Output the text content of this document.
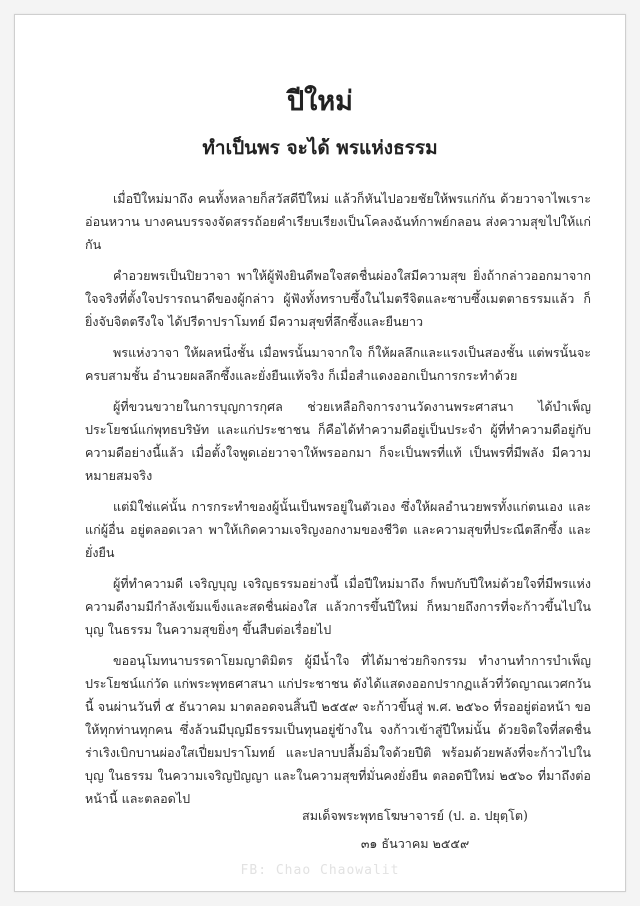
ปีใหม่
ทำเป็นพร จะได้ พรแห่งธรรม

เมื่อปีใหม่มาถึง คนทั้งหลายก็สวัสดีปีใหม่ แล้วก็หันไปอวยชัยให้พรแก่กัน ด้วยวาจาไพเราะอ่อนหวาน บางคนบรรจงจัดสรรถ้อยคำเรียบเรียงเป็นโคลงฉันท์กาพย์กลอน ส่งความสุขไปให้แก่กัน

คำอวยพรเป็นปิยวาจา พาให้ผู้ฟังยินดีพอใจสดชื่นผ่องใสมีความสุข ยิ่งถ้ากล่าวออกมาจากใจจริงที่ตั้งใจปรารถนาดีของผู้กล่าว ผู้ฟังทั้งทราบซึ้งในไมตรีจิตและซาบซึ้งเมตตาธรรมแล้ว ก็ยิ่งจับจิตตรึงใจ ได้ปรีดาปราโมทย์ มีความสุขที่ลึกซึ้งและยืนยาว

พรแห่งวาจา ให้ผลหนึ่งชั้น เมื่อพรนั้นมาจากใจ ก็ให้ผลลึกและแรงเป็นสองชั้น แต่พรนั้นจะครบสามชั้น อำนวยผลลึกซึ้งและยั่งยืนแท้จริง ก็เมื่อสำแดงออกเป็นการกระทำด้วย

ผู้ที่ขวนขวายในการบุญการกุศล ช่วยเหลือกิจการงานวัดงานพระศาสนา ได้บำเพ็ญประโยชน์แก่พุทธบริษัท และแก่ประชาชน ก็คือได้ทำความดีอยู่เป็นประจำ ผู้ที่ทำความดีอยู่กับความดีอย่างนี้แล้ว เมื่อตั้งใจพูดเอ่ยวาจาให้พรออกมา ก็จะเป็นพรที่แท้ เป็นพรที่มีพลัง มีความหมายสมจริง

แต่มิใช่แค่นั้น การกระทำของผู้นั้นเป็นพรอยู่ในตัวเอง ซึ่งให้ผลอำนวยพรทั้งแก่ตนเอง และแก่ผู้อื่น อยู่ตลอดเวลา พาให้เกิดความเจริญงอกงามของชีวิต และความสุขที่ประณีตลึกซึ้ง และยั่งยืน

ผู้ที่ทำความดี เจริญบุญ เจริญธรรมอย่างนี้ เมื่อปีใหม่มาถึง ก็พบกับปีใหม่ด้วยใจที่มีพรแห่งความดีงามมีกำลังเข้มแข็งและสดชื่นผ่องใส แล้วการขึ้นปีใหม่ ก็หมายถึงการที่จะก้าวขึ้นไปในบุญ ในธรรม ในความสุขยิ่งๆ ขึ้นสืบต่อเรื่อยไป

ขออนุโมทนาบรรดาโยมญาติมิตร ผู้มีน้ำใจ ที่ได้มาช่วยกิจกรรม ทำงานทำการบำเพ็ญประโยชน์แก่วัด แก่พระพุทธศาสนา แก่ประชาชน ดังได้แสดงออกปรากฏแล้วที่วัดญาณเวศกวันนี้ จนผ่านวันที่ ๕ ธันวาคม มาตลอดจนสิ้นปี ๒๕๕๙ จะก้าวขึ้นสู่ พ.ศ. ๒๕๖๐ ที่รออยู่ต่อหน้า ขอให้ทุกท่านทุกคน ซึ่งล้วนมีบุญมีธรรมเป็นทุนอยู่ข้างใน จงก้าวเข้าสู่ปีใหม่นั้น ด้วยจิตใจที่สดชื่นร่าเริงเบิกบานผ่องใสเปี่ยมปราโมทย์ และปลาบปลื้มอิ่มใจด้วยปีติ พร้อมด้วยพลังที่จะก้าวไปในบุญ ในธรรม ในความเจริญปัญญา และในความสุขที่มั่นคงยั่งยืน ตลอดปีใหม่ ๒๕๖๐ ที่มาถึงต่อหน้านี้ และตลอดไป

สมเด็จพระพุทธโฆษาจารย์ (ป. อ. ปยุตฺโต)

๓๑ ธันวาคม ๒๕๕๙

FB: Chao Chaowalit
